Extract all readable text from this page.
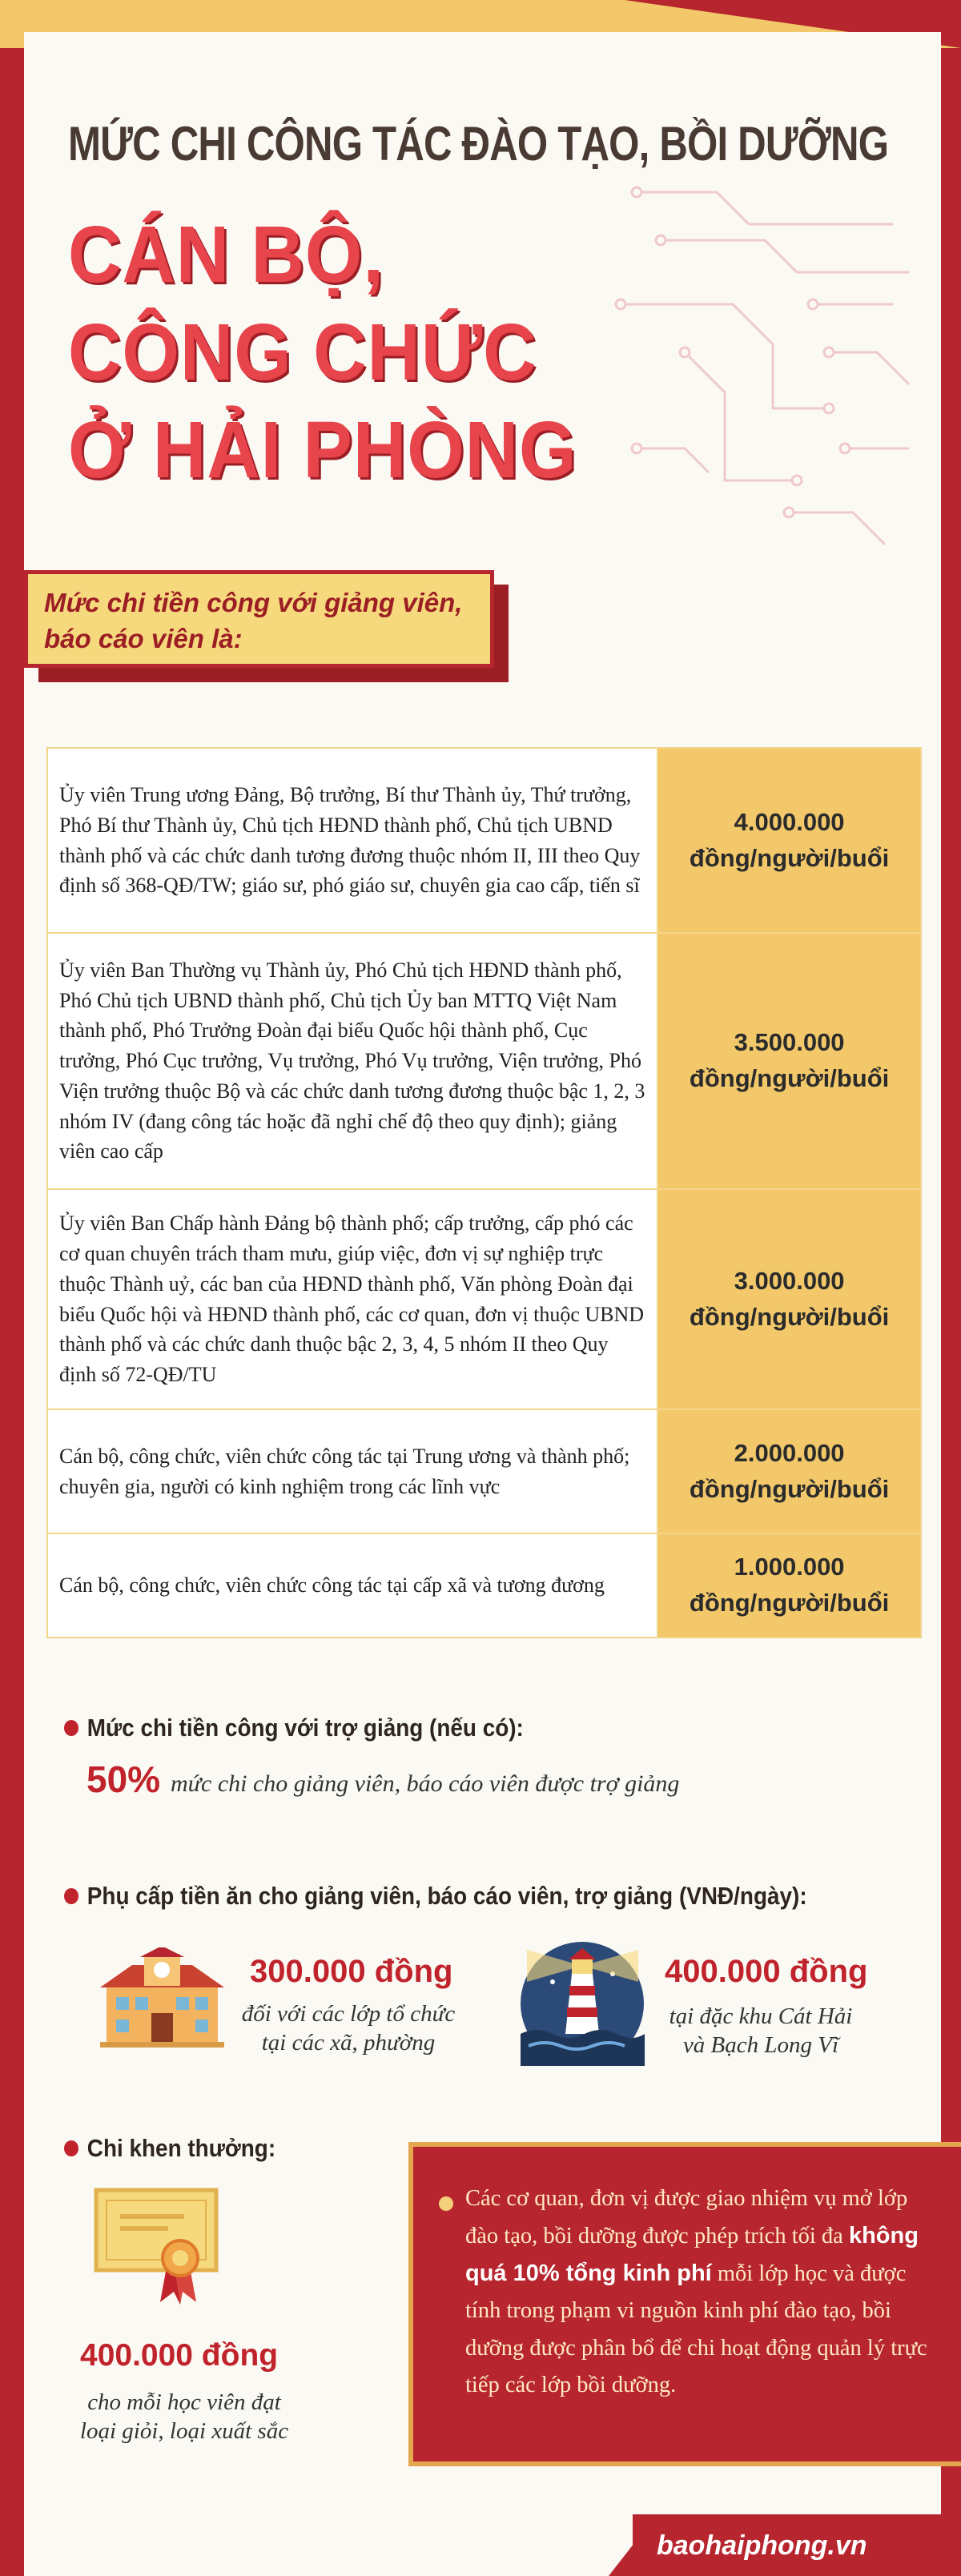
MỨC CHI CÔNG TÁC ĐÀO TẠO, BỒI DƯỠNG
CÁN BỘ,
CÔNG CHỨC
Ở HẢI PHÒNG
Mức chi tiền công với giảng viên,
báo cáo viên là:
Ủy viên Trung ương Đảng, Bộ trưởng, Bí thư Thành ủy, Thứ trưởng, Phó Bí thư Thành ủy, Chủ tịch HĐND thành phố, Chủ tịch UBND thành phố và các chức danh tương đương thuộc nhóm II, III theo Quy định số 368-QĐ/TW; giáo sư, phó giáo sư, chuyên gia cao cấp, tiến sĩ	4.000.000
đồng/người/buổi

Ủy viên Ban Thường vụ Thành ủy, Phó Chủ tịch HĐND thành phố, Phó Chủ tịch UBND thành phố, Chủ tịch Ủy ban MTTQ Việt Nam thành phố, Phó Trưởng Đoàn đại biểu Quốc hội thành phố, Cục trưởng, Phó Cục trưởng, Vụ trưởng, Phó Vụ trưởng, Viện trưởng, Phó Viện trưởng thuộc Bộ và các chức danh tương đương thuộc bậc 1, 2, 3 nhóm IV (đang công tác hoặc đã nghỉ chế độ theo quy định); giảng viên cao cấp	3.500.000
đồng/người/buổi

Ủy viên Ban Chấp hành Đảng bộ thành phố; cấp trưởng, cấp phó các cơ quan chuyên trách tham mưu, giúp việc, đơn vị sự nghiệp trực thuộc Thành uỷ, các ban của HĐND thành phố, Văn phòng Đoàn đại biểu Quốc hội và HĐND thành phố, các cơ quan, đơn vị thuộc UBND thành phố và các chức danh thuộc bậc 2, 3, 4, 5 nhóm II theo Quy định số 72-QĐ/TU	3.000.000
đồng/người/buổi

Cán bộ, công chức, viên chức công tác tại Trung ương và thành phố; chuyên gia, người có kinh nghiệm trong các lĩnh vực	2.000.000
đồng/người/buổi

Cán bộ, công chức, viên chức công tác tại cấp xã và tương đương	1.000.000
đồng/người/buổi
Mức chi tiền công với trợ giảng (nếu có):
50% mức chi cho giảng viên, báo cáo viên được trợ giảng
Phụ cấp tiền ăn cho giảng viên, báo cáo viên, trợ giảng (VNĐ/ngày):
300.000 đồng
đối với các lớp tổ chức
tại các xã, phường
400.000 đồng
tại đặc khu Cát Hải
và Bạch Long Vĩ
Chi khen thưởng:
400.000 đồng
cho mỗi học viên đạt
loại giỏi, loại xuất sắc
Các cơ quan, đơn vị được giao nhiệm vụ mở lớp đào tạo, bồi dưỡng được phép trích tối đa không quá 10% tổng kinh phí mỗi lớp học và được tính trong phạm vi nguồn kinh phí đào tạo, bồi dưỡng được phân bổ để chi hoạt động quản lý trực tiếp các lớp bồi dưỡng.
baohaiphong.vn
